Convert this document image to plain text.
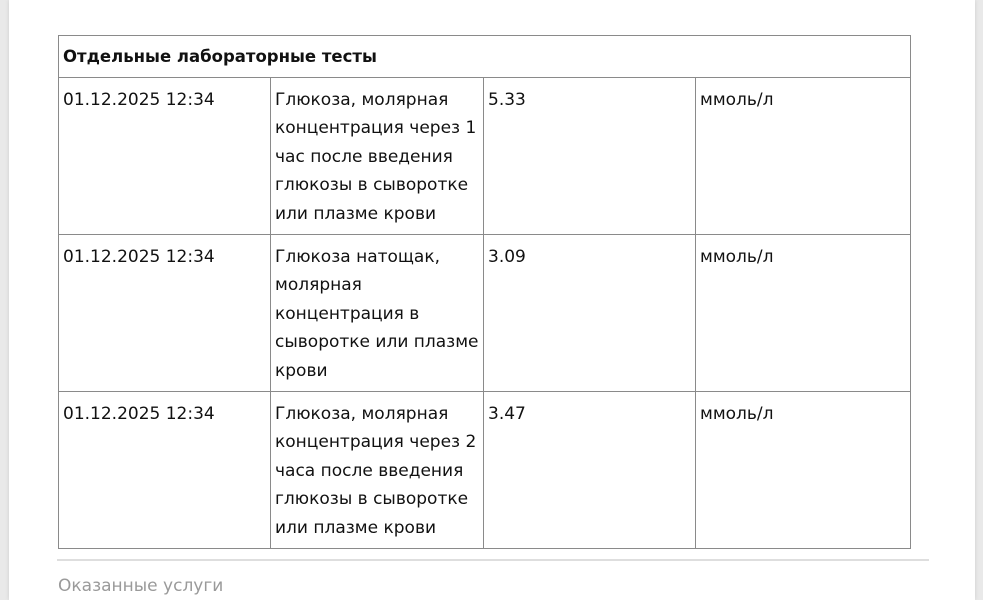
Отдельные лабораторные тесты			
01.12.2025 12:34	Глюкоза, молярная концентрация через 1 час после введения глюкозы в сыворотке или плазме крови	5.33	ммоль/л
01.12.2025 12:34	Глюкоза натощак, молярная концентрация в сыворотке или плазме крови	3.09	ммоль/л
01.12.2025 12:34	Глюкоза, молярная концентрация через 2 часа после введения глюкозы в сыворотке или плазме крови	3.47	ммоль/л
Оказанные услуги
